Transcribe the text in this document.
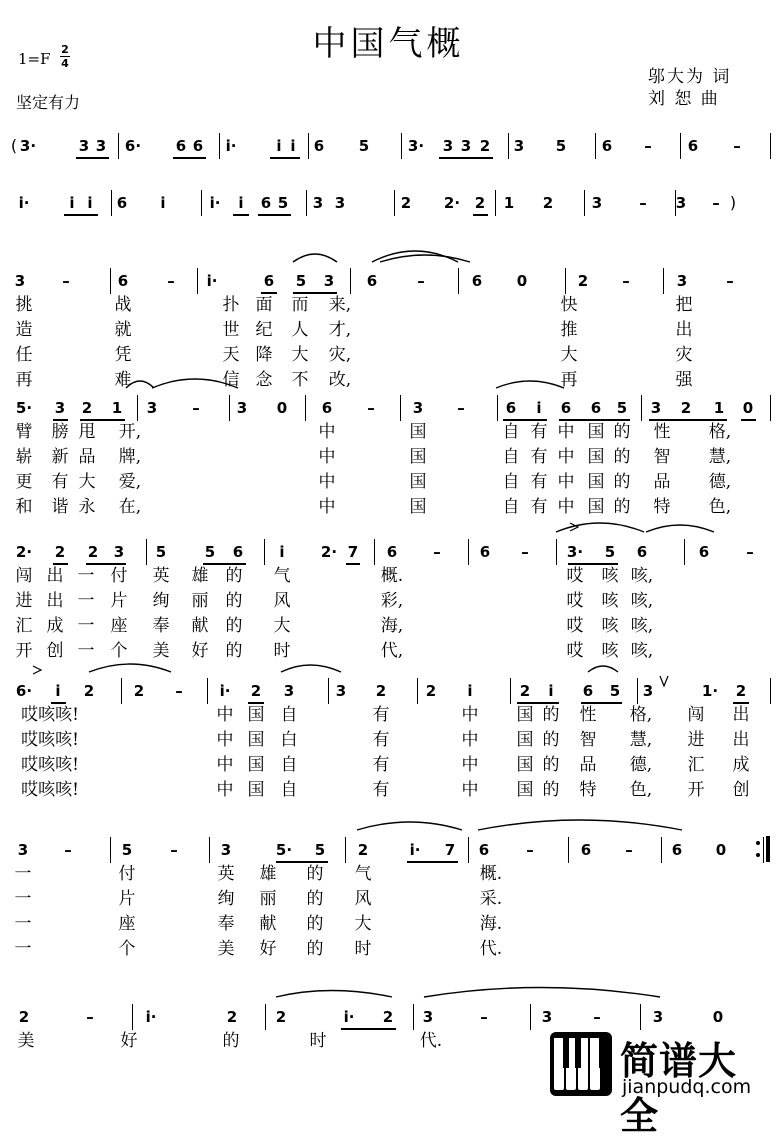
中国气概
1=F
2
4
坚定有力
邬大为 词
刘 恕 曲
( 3·	3 3 6· 6 6 i·	i i 6 5	3· 3 3 2 3 5 6 – 6 –
i·	i i 6 i	i· i 6 5 3 3	2 2· 2 1 2	3 – 3 – )
3 –	6	– i·	6 5 3 6	–	6 0	2 –	3	–
挑	战	扑 面 而 来,	快	把
造	就	世 纪 人 才,	推	出
任	凭	天 降 大 灾,	大	灾
再	难	信 念 不 改,	再	强
5· 3 2 1 3 – 3 0 6 –	3 –	6 i 6 6 5 3 2 1 0
臂 膀 甩 开,	中	国	自 有 中 国 的 性 格,
崭 新 品 牌,	中	国	自 有 中 国 的 智 慧,
更 有 大 爱,	中	国	自 有 中 国 的 品 德,
和 谐 永 在,	中	国	自 有 中 国 的 特 色,
2· 2 2 3 5	5 6 i 2· 7 6 –	6 –	3· 5 6	6 –
闯 出 一 付 英 雄 的 气	概.	哎 咳 咳,
进 出 一 片 绚 丽 的 风	彩,	哎 咳 咳,
汇 成 一 座 奉 献 的 大	海,	哎 咳 咳,
开 创 一 个 美 好 的 时	代,	哎 咳 咳,
6· i 2	2 – i· 2 3	3 2	2 i	2 i 6 5 3	1· 2
哎咳咳!	中 国 自	有	中 国 的 性 格, 闯 出
哎咳咳!	中 国 白	有	中 国 的 智 慧, 进 出
哎咳咳!	中 国 自	有	中 国 的 品 德, 汇 成
哎咳咳!	中 国 自	有	中 国 的 特 色, 开 创
3 –	5	–	3	5· 5 2	i· 7 6 –	6 –	6 0
一	付	英 雄 的 气	概.
一	片	绚 丽 的 风	采.
一	座	奉 献 的 大	海.
一	个	美 好 的 时	代.
2	–	i·	2	2	i· 2 3	–	3	–	3	0
美	好	的	时	代.	简谱大全
jianpudq.com
